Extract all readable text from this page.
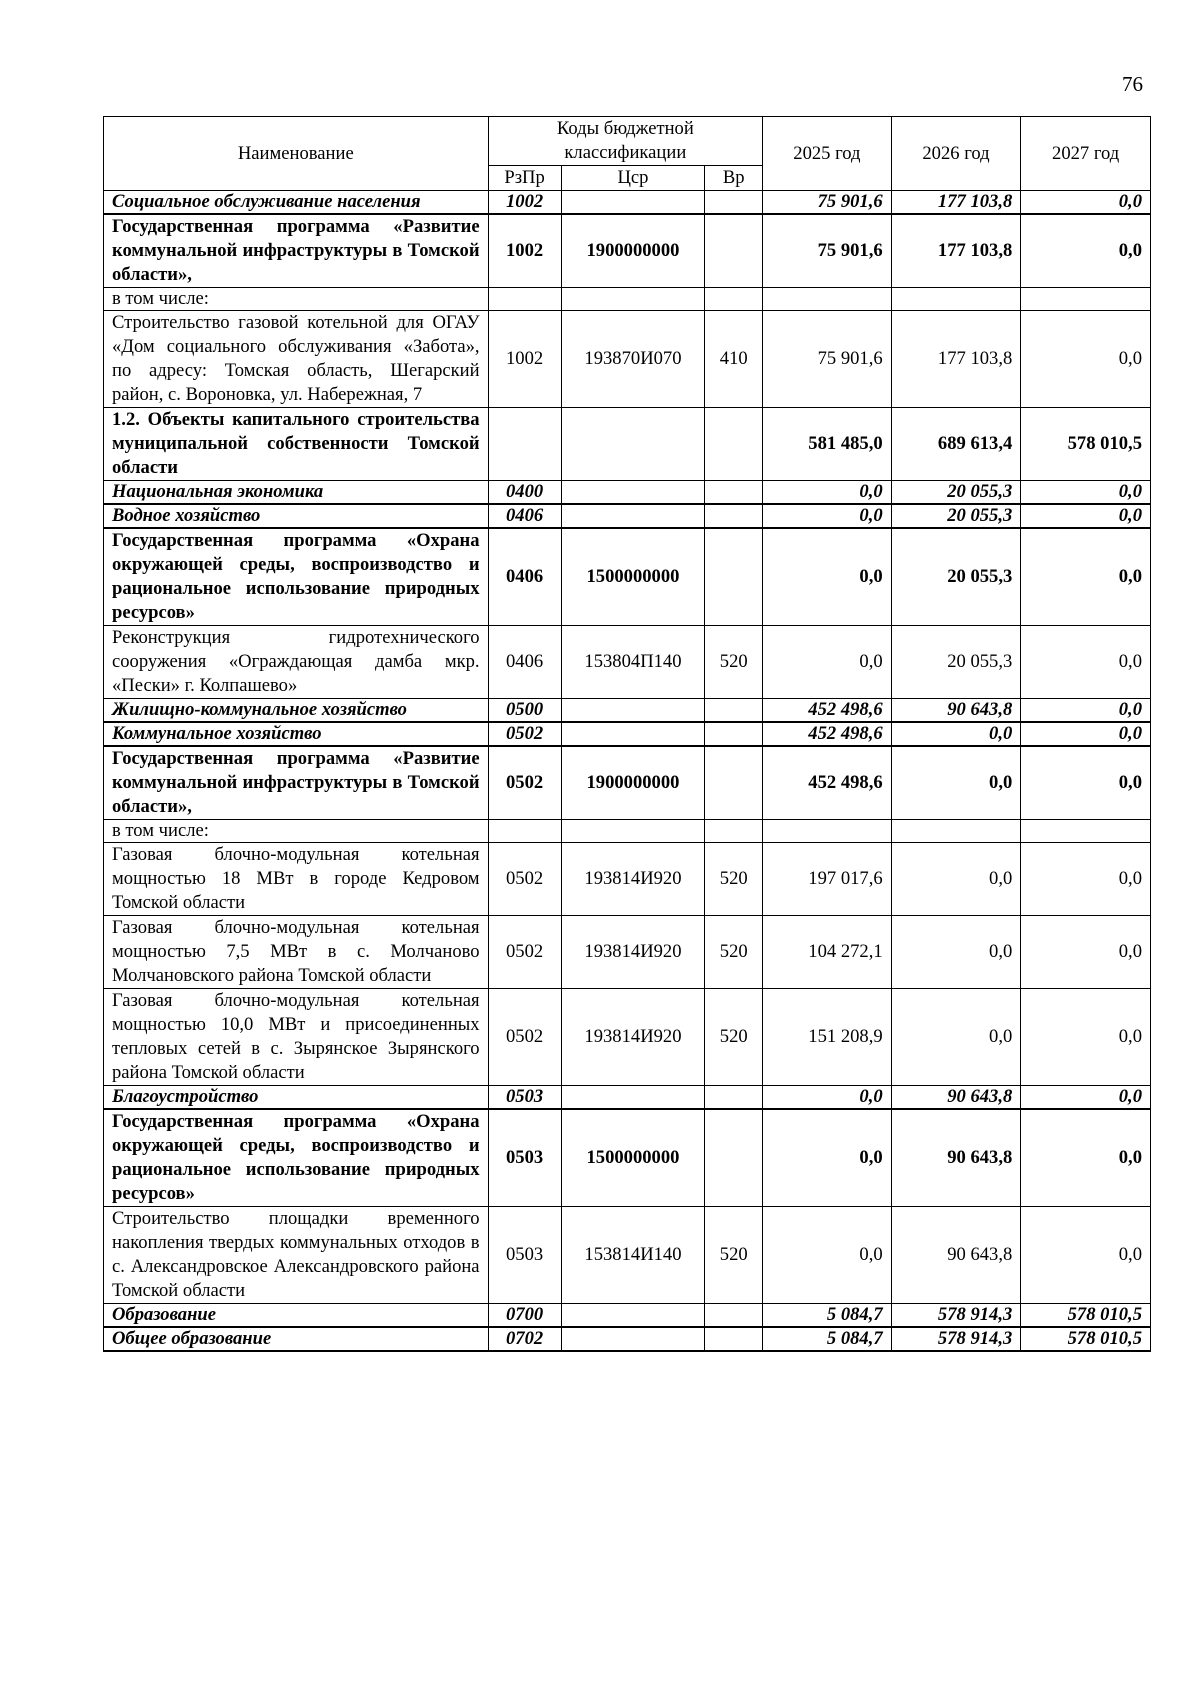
76
Наименование	Коды бюджетной классификации			2025 год	2026 год	2027 год
	РзПр	Цср	Вр			
Социальное обслуживание населения	1002			75 901,6	177 103,8	0,0
Государственная программа «Развитие коммунальной инфраструктуры в Томской области»,	1002	1900000000		75 901,6	177 103,8	0,0
в том числе:						
Строительство газовой котельной для ОГАУ «Дом социального обслуживания «Забота», по адресу: Томская область, Шегарский район, с. Вороновка, ул. Набережная, 7	1002	193870И070	410	75 901,6	177 103,8	0,0
1.2. Объекты капитального строительства муниципальной собственности Томской области				581 485,0	689 613,4	578 010,5
Национальная экономика	0400			0,0	20 055,3	0,0
Водное хозяйство	0406			0,0	20 055,3	0,0
Государственная программа «Охрана окружающей среды, воспроизводство и рациональное использование природных ресурсов»	0406	1500000000		0,0	20 055,3	0,0
Реконструкция гидротехнического сооружения «Ограждающая дамба мкр. «Пески» г. Колпашево»	0406	153804П140	520	0,0	20 055,3	0,0
Жилищно-коммунальное хозяйство	0500			452 498,6	90 643,8	0,0
Коммунальное хозяйство	0502			452 498,6	0,0	0,0
Государственная программа «Развитие коммунальной инфраструктуры в Томской области»,	0502	1900000000		452 498,6	0,0	0,0
в том числе:						
Газовая блочно-модульная котельная мощностью 18 МВт в городе Кедровом Томской области	0502	193814И920	520	197 017,6	0,0	0,0
Газовая блочно-модульная котельная мощностью 7,5 МВт в с. Молчаново Молчановского района Томской области	0502	193814И920	520	104 272,1	0,0	0,0
Газовая блочно-модульная котельная мощностью 10,0 МВт и присоединенных тепловых сетей в с. Зырянское Зырянского района Томской области	0502	193814И920	520	151 208,9	0,0	0,0
Благоустройство	0503			0,0	90 643,8	0,0
Государственная программа «Охрана окружающей среды, воспроизводство и рациональное использование природных ресурсов»	0503	1500000000		0,0	90 643,8	0,0
Строительство площадки временного накопления твердых коммунальных отходов в с. Александровское Александровского района Томской области	0503	153814И140	520	0,0	90 643,8	0,0
Образование	0700			5 084,7	578 914,3	578 010,5
Общее образование	0702			5 084,7	578 914,3	578 010,5
